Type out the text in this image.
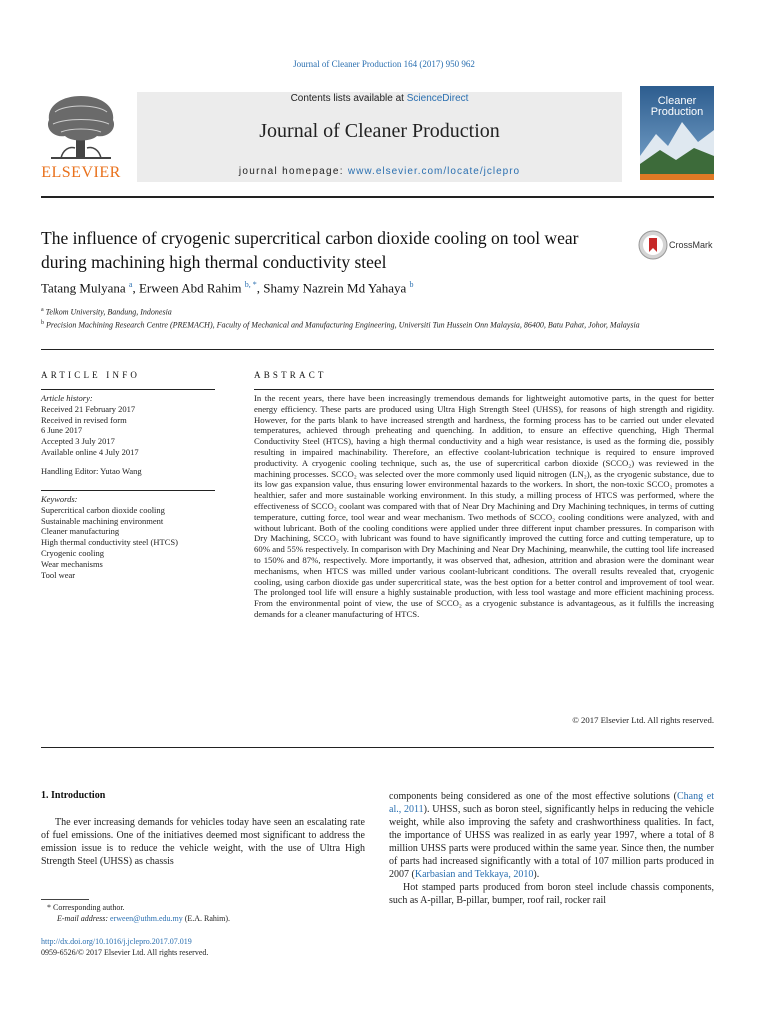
Journal of Cleaner Production 164 (2017) 950 962
ELSEVIER
Contents lists available at ScienceDirect
Journal of Cleaner Production
journal homepage: www.elsevier.com/locate/jclepro
Cleaner
Production
The influence of cryogenic supercritical carbon dioxide cooling on tool wear during machining high thermal conductivity steel
CrossMark
Tatang Mulyana $^a$, Erween Abd Rahim $^{b, *}$, Shamy Nazrein Md Yahaya $^b$
$^a$ Telkom University, Bandung, Indonesia
$^b$ Precision Machining Research Centre (PREMACH), Faculty of Mechanical and Manufacturing Engineering, Universiti Tun Hussein Onn Malaysia, 86400, Batu Pahat, Johor, Malaysia
ARTICLE INFO
Article history:
Received 21 February 2017
Received in revised form
6 June 2017
Accepted 3 July 2017
Available online 4 July 2017
Handling Editor: Yutao Wang
Keywords:
Supercritical carbon dioxide cooling
Sustainable machining environment
Cleaner manufacturing
High thermal conductivity steel (HTCS)
Cryogenic cooling
Wear mechanisms
Tool wear
ABSTRACT
In the recent years, there have been increasingly tremendous demands for lightweight automotive parts, in the quest for better energy efficiency. These parts are produced using Ultra High Strength Steel (UHSS), for reasons of high strength and rigidity. However, for the parts blank to have increased strength and hardness, the forming process has to be carried out under elevated temperatures, achieved through preheating and quenching. In addition, to ensure an effective quenching, High Thermal Conductivity Steel (HTCS), having a high thermal conductivity and a high wear resistance, is used as the forming die, possibly resulting in impaired machinability. Therefore, an effective coolant-lubrication technique is required to ensure improved productivity. A cryogenic cooling technique, such as, the use of supercritical carbon dioxide (SCCO₂) was reviewed in the machining processes. SCCO₂ was selected over the more commonly used liquid nitrogen (LN₂), as the cryogenic substance, due to its low gas expansion value, thus ensuring lower environmental hazards to the workers. In short, the non-toxic SCCO₂ promotes a healthier, safer and more sustainable working environment. In this study, a milling process of HTCS was performed, where the effectiveness of SCCO₂ coolant was compared with that of Near Dry Machining and Dry Machining techniques, in terms of cutting temperature, cutting force, tool wear and wear mechanism. Two methods of SCCO₂ cooling conditions were analyzed, with and without lubricant. Both of the cooling conditions were applied under three different input chamber pressures. In comparison with Dry Machining, SCCO₂ with lubricant was found to have significantly improved the cutting force and cutting temperature, up to 60% and 55% respectively. In comparison with Dry Machining and Near Dry Machining, meanwhile, the cutting tool life increased to 150% and 87%, respectively. More importantly, it was observed that, adhesion, attrition and abrasion were the dominant wear mechanisms, when HTCS was milled under various coolant-lubricant conditions. The overall results revealed that, cryogenic cooling, using carbon dioxide gas under supercritical state, was the best option for a better control and improvement of tool wear. The prolonged tool life will ensure a highly sustainable production, with less tool wastage and more efficient machining process. From the environmental point of view, the use of SCCO₂ as a cryogenic substance is advantageous, as it fulfills the increasing demands for a cleaner manufacturing of HTCS.
© 2017 Elsevier Ltd. All rights reserved.
1. Introduction

The ever increasing demands for vehicles today have seen an escalating rate of fuel emissions. One of the initiatives deemed most significant to address the emission issue is to reduce the vehicle weight, with the use of Ultra High Strength Steel (UHSS) as chassis

components being considered as one of the most effective solutions (Chang et al., 2011). UHSS, such as boron steel, significantly helps in reducing the vehicle weight, while also improving the safety and crashworthiness qualities. In fact, the importance of UHSS was realized in as early year 1997, where a total of 8 million UHSS parts were produced within the same year. Since then, the number of parts had increased significantly with a total of 107 million parts produced in 2007 (Karbasian and Tekkaya, 2010).

Hot stamped parts produced from boron steel include chassis components, such as A-pillar, B-pillar, bumper, roof rail, rocker rail

* Corresponding author.
E-mail address: erween@uthm.edu.my (E.A. Rahim).
http://dx.doi.org/10.1016/j.jclepro.2017.07.019
0959-6526/© 2017 Elsevier Ltd. All rights reserved.
